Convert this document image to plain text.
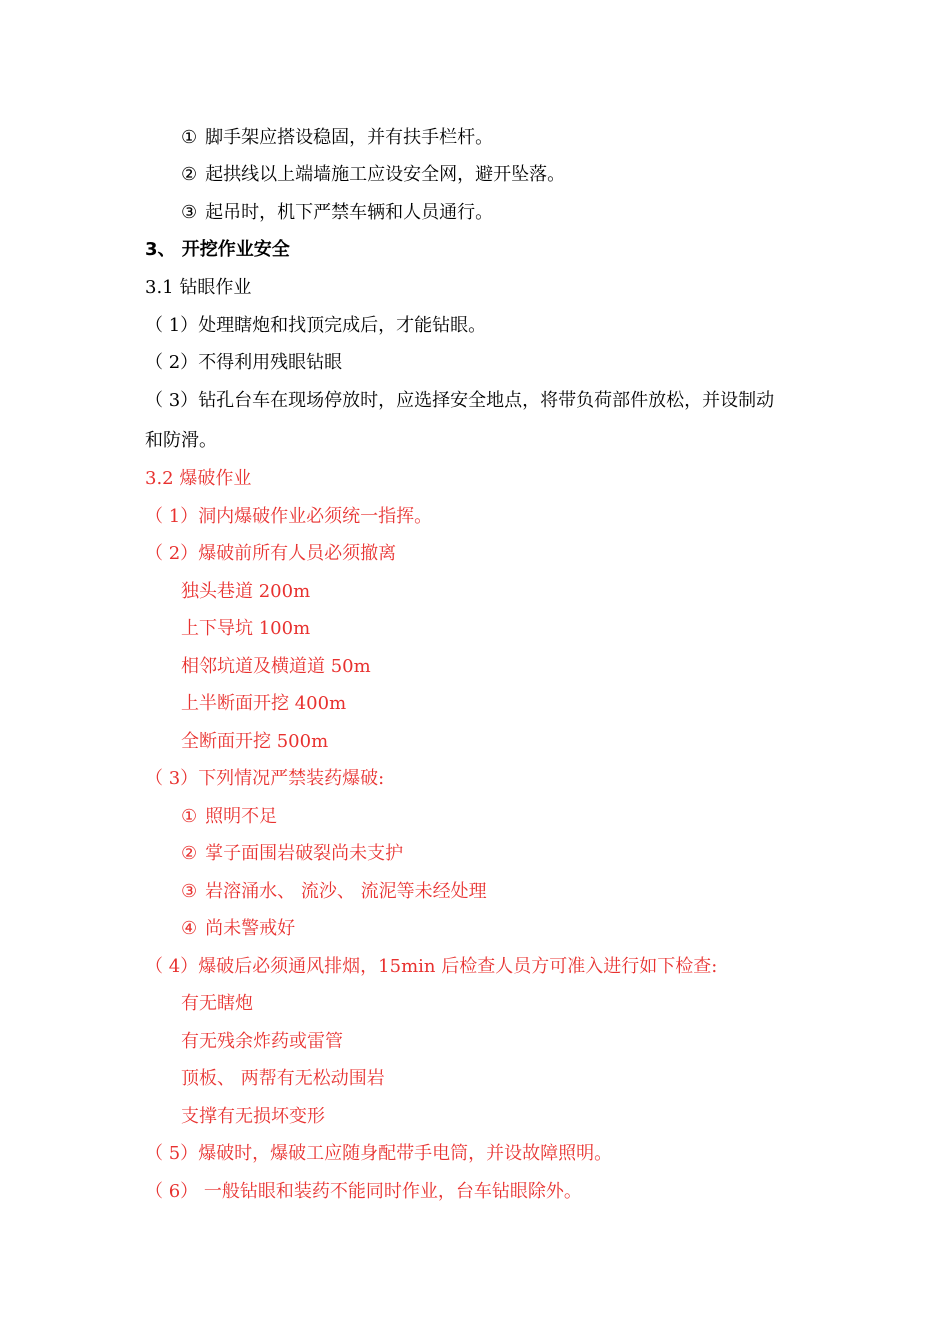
① 脚手架应搭设稳固，并有扶手栏杆。
② 起拱线以上端墙施工应设安全网，避开坠落。
③ 起吊时，机下严禁车辆和人员通行。
3、 开挖作业安全
3.1 钻眼作业
（ 1）处理瞎炮和找顶完成后，才能钻眼。
（ 2）不得利用残眼钻眼
（ 3）钻孔台车在现场停放时，应选择安全地点，将带负荷部件放松，并设制动
和防滑。
3.2 爆破作业
（ 1）洞内爆破作业必须统一指挥。
（ 2）爆破前所有人员必须撤离
独头巷道 200m
上下导坑 100m
相邻坑道及横道道 50m
上半断面开挖 400m
全断面开挖 500m
（ 3）下列情况严禁装药爆破:
① 照明不足
② 掌子面围岩破裂尚未支护
③ 岩溶涌水、 流沙、 流泥等未经处理
④ 尚未警戒好
（ 4）爆破后必须通风排烟，15min 后检查人员方可准入进行如下检查:
有无瞎炮
有无残余炸药或雷管
顶板、 两帮有无松动围岩
支撑有无损坏变形
（ 5）爆破时，爆破工应随身配带手电筒，并设故障照明。
（ 6） 一般钻眼和装药不能同时作业，台车钻眼除外。
